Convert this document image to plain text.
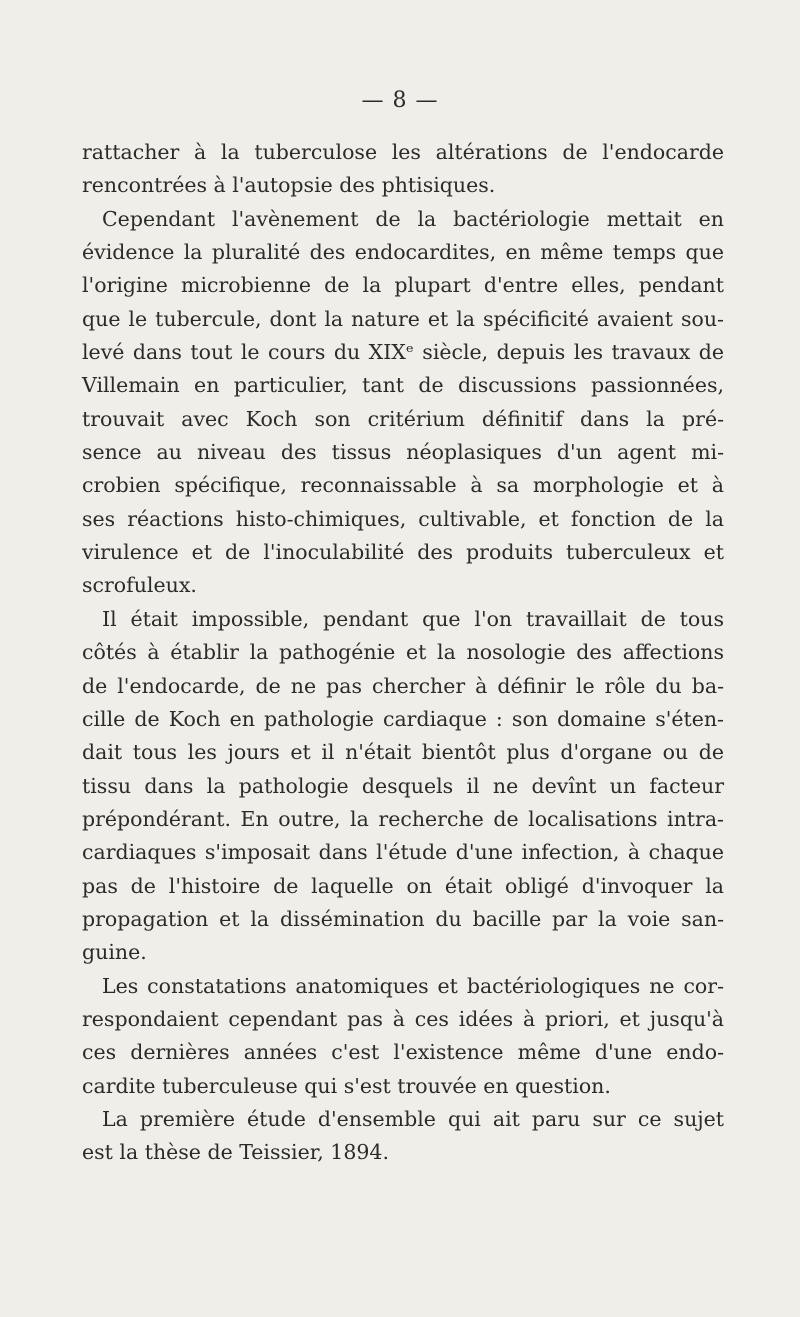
— 8 —
rattacher à la tuberculose les altérations de l'endocarde
rencontrées à l'autopsie des phtisiques.
Cependant l'avènement de la bactériologie mettait en
évidence la pluralité des endocardites, en même temps que
l'origine microbienne de la plupart d'entre elles, pendant
que le tubercule, dont la nature et la spécificité avaient sou-
levé dans tout le cours du XIXᵉ siècle, depuis les travaux de
Villemain en particulier, tant de discussions passionnées,
trouvait avec Koch son critérium définitif dans la pré-
sence au niveau des tissus néoplasiques d'un agent mi-
crobien spécifique, reconnaissable à sa morphologie et à
ses réactions histo-chimiques, cultivable, et fonction de la
virulence et de l'inoculabilité des produits tuberculeux et
scrofuleux.
Il était impossible, pendant que l'on travaillait de tous
côtés à établir la pathogénie et la nosologie des affections
de l'endocarde, de ne pas chercher à définir le rôle du ba-
cille de Koch en pathologie cardiaque : son domaine s'éten-
dait tous les jours et il n'était bientôt plus d'organe ou de
tissu dans la pathologie desquels il ne devînt un facteur
prépondérant. En outre, la recherche de localisations intra-
cardiaques s'imposait dans l'étude d'une infection, à chaque
pas de l'histoire de laquelle on était obligé d'invoquer la
propagation et la dissémination du bacille par la voie san-
guine.
Les constatations anatomiques et bactériologiques ne cor-
respondaient cependant pas à ces idées à priori, et jusqu'à
ces dernières années c'est l'existence même d'une endo-
cardite tuberculeuse qui s'est trouvée en question.
La première étude d'ensemble qui ait paru sur ce sujet
est la thèse de Teissier, 1894.
